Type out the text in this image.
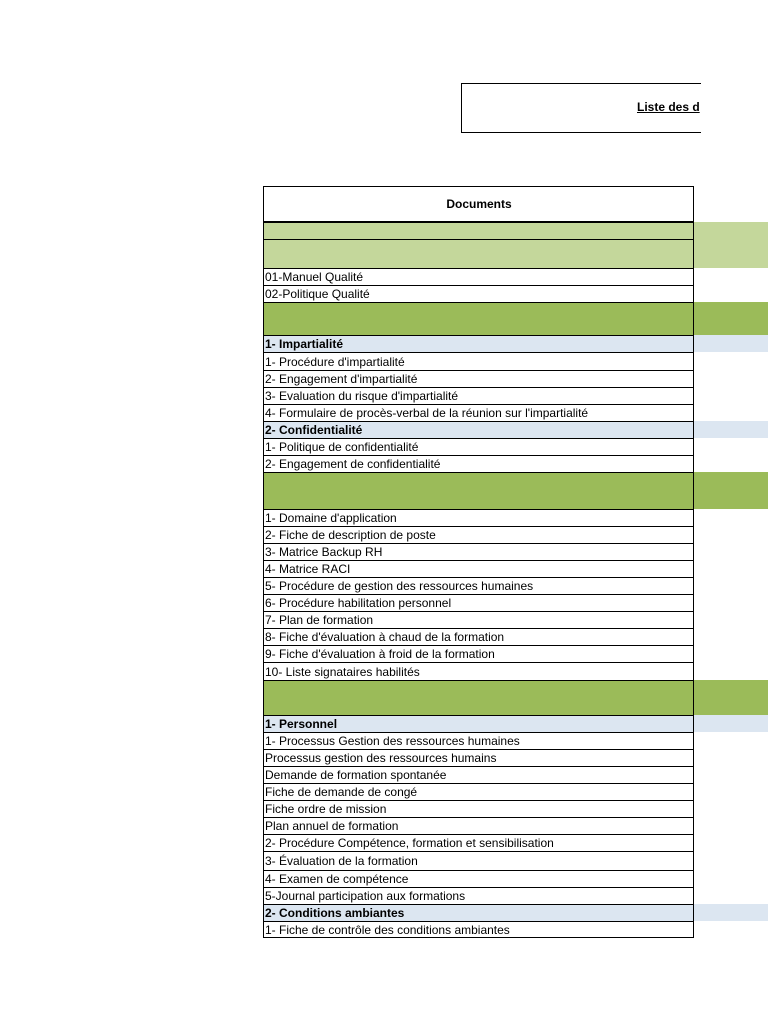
Liste des d
Documents
01-Manuel Qualité
02-Politique Qualité
1- Impartialité
1- Procédure d'impartialité
2- Engagement d'impartialité
3- Evaluation du risque d'impartialité
4- Formulaire de procès-verbal de la réunion sur l'impartialité
2- Confidentialité
1- Politique de confidentialité
2- Engagement de confidentialité
1- Domaine d'application
2- Fiche de description de poste
3- Matrice Backup RH
4- Matrice RACI
5- Procédure de gestion des ressources humaines
6- Procédure habilitation personnel
7- Plan de formation
8- Fiche d'évaluation à chaud de la formation
9- Fiche d'évaluation à froid de la formation
10- Liste signataires habilités
1- Personnel
1- Processus Gestion des ressources humaines
Processus gestion des ressources humains
Demande de formation spontanée
Fiche de demande de congé
Fiche ordre de mission
Plan annuel de formation
2- Procédure Compétence, formation et sensibilisation
3- Évaluation de la formation
4- Examen de compétence
5-Journal participation aux formations
2- Conditions ambiantes
1- Fiche de contrôle des conditions ambiantes
